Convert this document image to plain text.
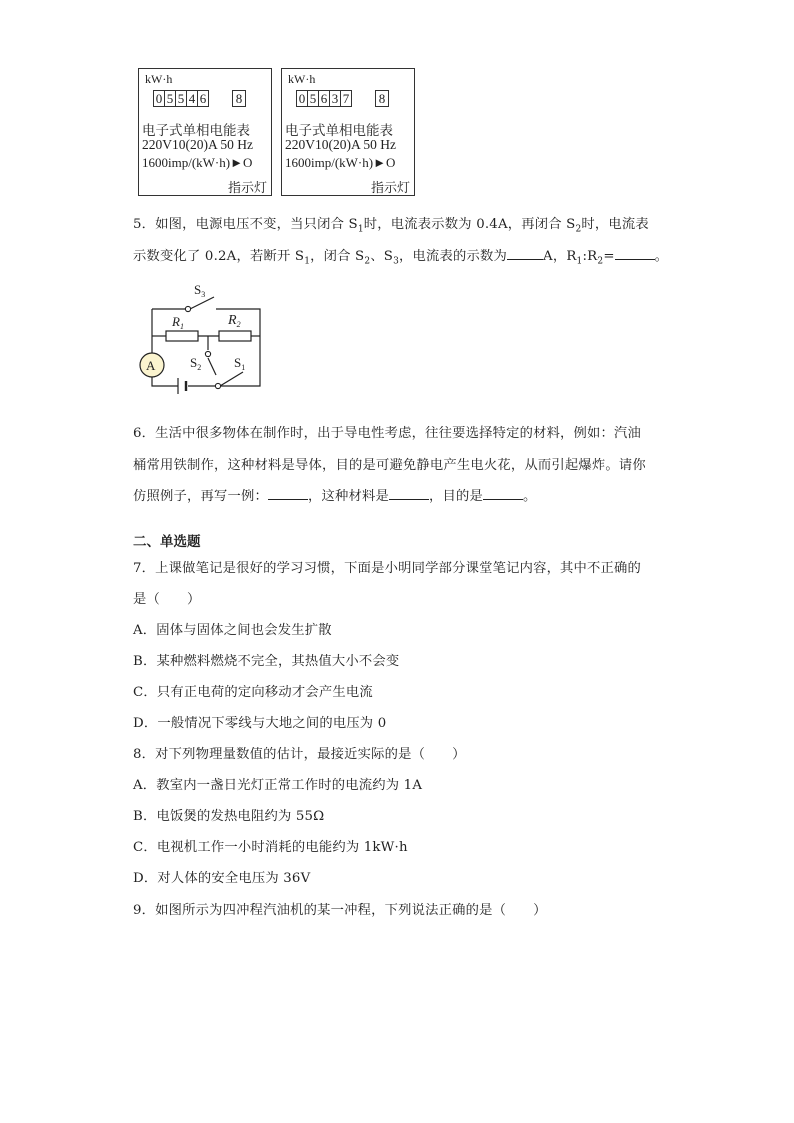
kW·h
0 5 5 4 6 8
电子式单相电能表
220V10(20)A 50 Hz
1600imp/(kW·h)►O
指示灯
kW·h
0 5 6 3 7 8
电子式单相电能表
220V10(20)A 50 Hz
1600imp/(kW·h)►O
指示灯
5．如图，电源电压不变，当只闭合 $S_1$时，电流表示数为 0.4A，再闭合 $S_2$时，电流表
示数变化了 0.2A，若断开 $S_1$，闭合 $S_2$、$S_3$，电流表的示数为	A，$R_1:R_2=$	。
A
$S_3$
$R_1$	$R_2$
$S_2$	$S_1$
6．生活中很多物体在制作时，出于导电性考虑，往往要选择特定的材料，例如：汽油
桶常用铁制作，这种材料是导体，目的是可避免静电产生电火花，从而引起爆炸。请你
仿照例子，再写一例：	，这种材料是	，目的是	。
二、单选题
7．上课做笔记是很好的学习习惯，下面是小明同学部分课堂笔记内容，其中不正确的
是（　　）
A．固体与固体之间也会发生扩散
B．某种燃料燃烧不完全，其热值大小不会变
C．只有正电荷的定向移动才会产生电流
D．一般情况下零线与大地之间的电压为 0
8．对下列物理量数值的估计，最接近实际的是（　　）
A．教室内一盏日光灯正常工作时的电流约为 1A
B．电饭煲的发热电阻约为 55Ω
C．电视机工作一小时消耗的电能约为 1kW·h
D．对人体的安全电压为 36V
9．如图所示为四冲程汽油机的某一冲程，下列说法正确的是（　　）
